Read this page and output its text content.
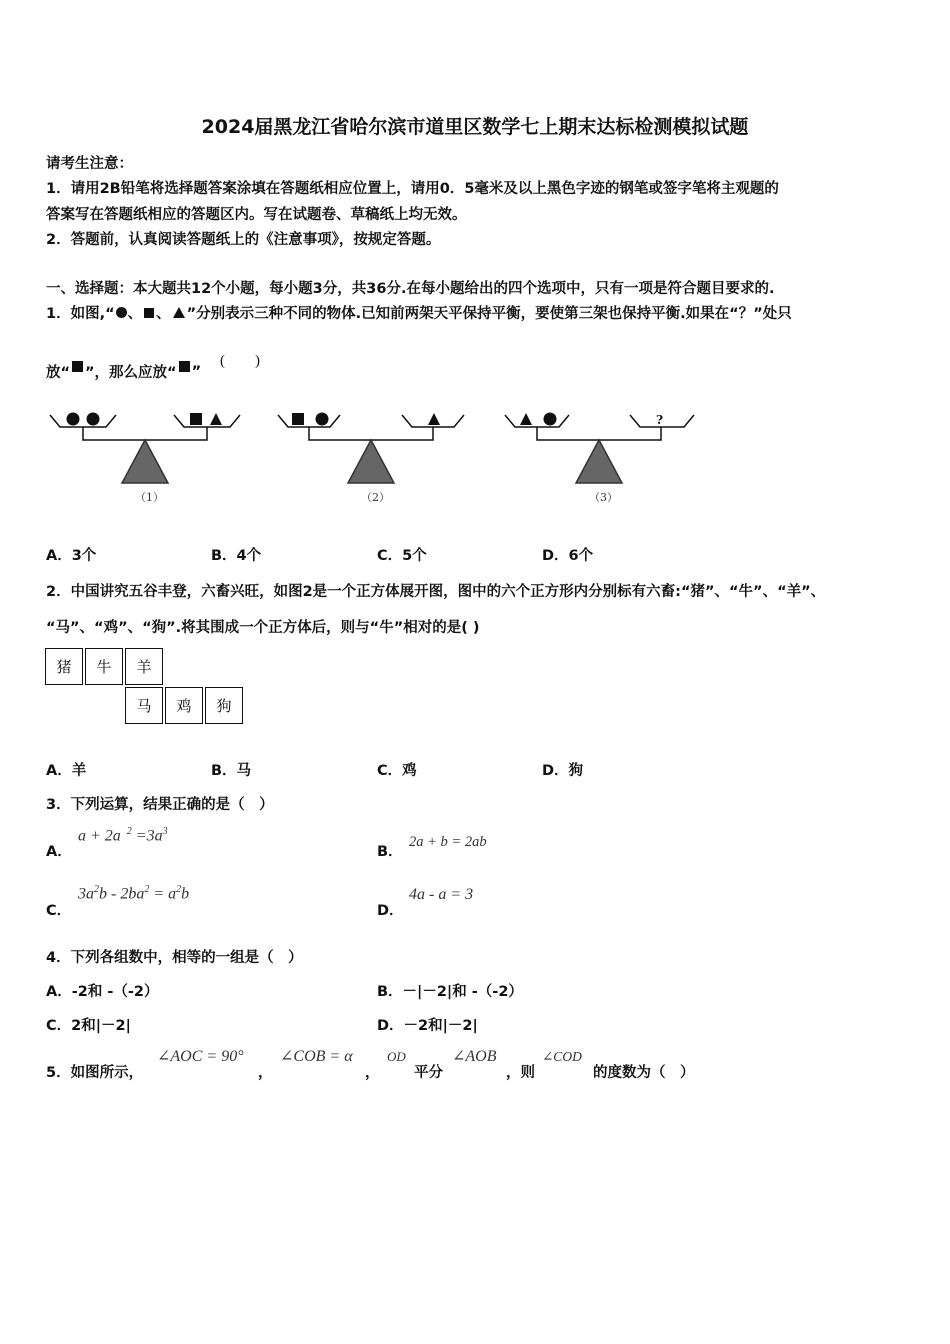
2024届黑龙江省哈尔滨市道里区数学七上期末达标检测模拟试题
请考生注意：
1．请用2B铅笔将选择题答案涂填在答题纸相应位置上，请用0．5毫米及以上黑色字迹的钢笔或签字笔将主观题的
答案写在答题纸相应的答题区内。写在试题卷、草稿纸上均无效。
2．答题前，认真阅读答题纸上的《注意事项》，按规定答题。
一、选择题：本大题共12个小题，每小题3分，共36分.在每小题给出的四个选项中，只有一项是符合题目要求的.
1．如图,“ 、 、 ”分别表示三种不同的物体.已知前两架天平保持平衡，要使第三架也保持平衡.如果在“？”处只
放“ ”，那么应放“ ”
(　　)
（1）	（2）
?
（3）
A．3个	B．4个	C．5个	D．6个
2．中国讲究五谷丰登，六畜兴旺，如图2是一个正方体展开图，图中的六个正方形内分别标有六畜:“猪”、“牛”、“羊”、
“马”、“鸡”、“狗”.将其围成一个正方体后，则与“牛”相对的是( )
猪	牛	羊
马	鸡	狗
A．羊	B．马	C．鸡	D．狗
3．下列运算，结果正确的是（　）
A．
a + 2a $^2 =3a^3$
B．
2a + b = 2ab
C．
$3a^2b - 2ba^2 = a^2b$
D．
4a - a = 3
4．下列各组数中，相等的一组是（　）
A．-2和 -（-2）	B．－|－2|和 -（-2）
C．2和|－2|	D．－2和|－2|
5．如图所示，
∠AOC = 90°
，
∠COB = α
，
OD
平分
∠AOB
，则
∠COD
的度数为（　）
